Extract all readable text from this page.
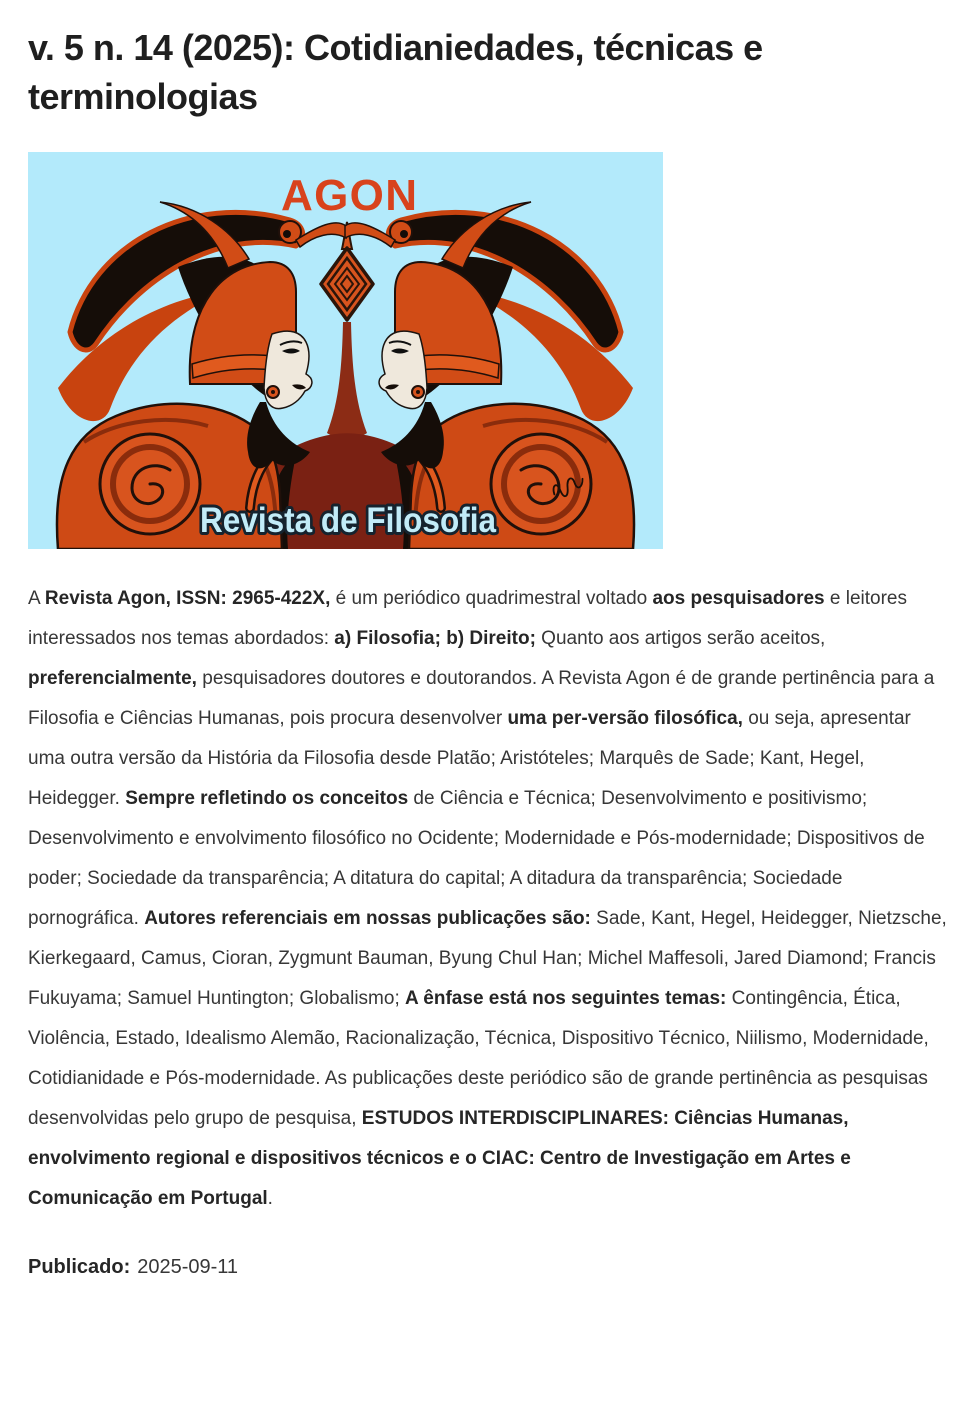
v. 5 n. 14 (2025): Cotidianiedades, técnicas e terminologias
AGON
Revista de Filosofia

A Revista Agon, ISSN: 2965-422X, é um periódico quadrimestral voltado aos pesquisadores e leitores interessados nos temas abordados: a) Filosofia; b) Direito; Quanto aos artigos serão aceitos, preferencialmente, pesquisadores doutores e doutorandos. A Revista Agon é de grande pertinência para a Filosofia e Ciências Humanas, pois procura desenvolver uma per-versão filosófica, ou seja, apresentar uma outra versão da História da Filosofia desde Platão; Aristóteles; Marquês de Sade; Kant, Hegel, Heidegger. Sempre refletindo os conceitos de Ciência e Técnica; Desenvolvimento e positivismo; Desenvolvimento e envolvimento filosófico no Ocidente; Modernidade e Pós-modernidade; Dispositivos de poder; Sociedade da transparência; A ditatura do capital; A ditadura da transparência; Sociedade pornográfica. Autores referenciais em nossas publicações são: Sade, Kant, Hegel, Heidegger, Nietzsche, Kierkegaard, Camus, Cioran, Zygmunt Bauman, Byung Chul Han; Michel Maffesoli, Jared Diamond; Francis Fukuyama; Samuel Huntington; Globalismo; A ênfase está nos seguintes temas: Contingência, Ética, Violência, Estado, Idealismo Alemão, Racionalização, Técnica, Dispositivo Técnico, Niilismo, Modernidade, Cotidianidade e Pós-modernidade. As publicações deste periódico são de grande pertinência as pesquisas desenvolvidas pelo grupo de pesquisa, ESTUDOS INTERDISCIPLINARES: Ciências Humanas, envolvimento regional e dispositivos técnicos e o CIAC: Centro de Investigação em Artes e Comunicação em Portugal.

Publicado: 2025-09-11
